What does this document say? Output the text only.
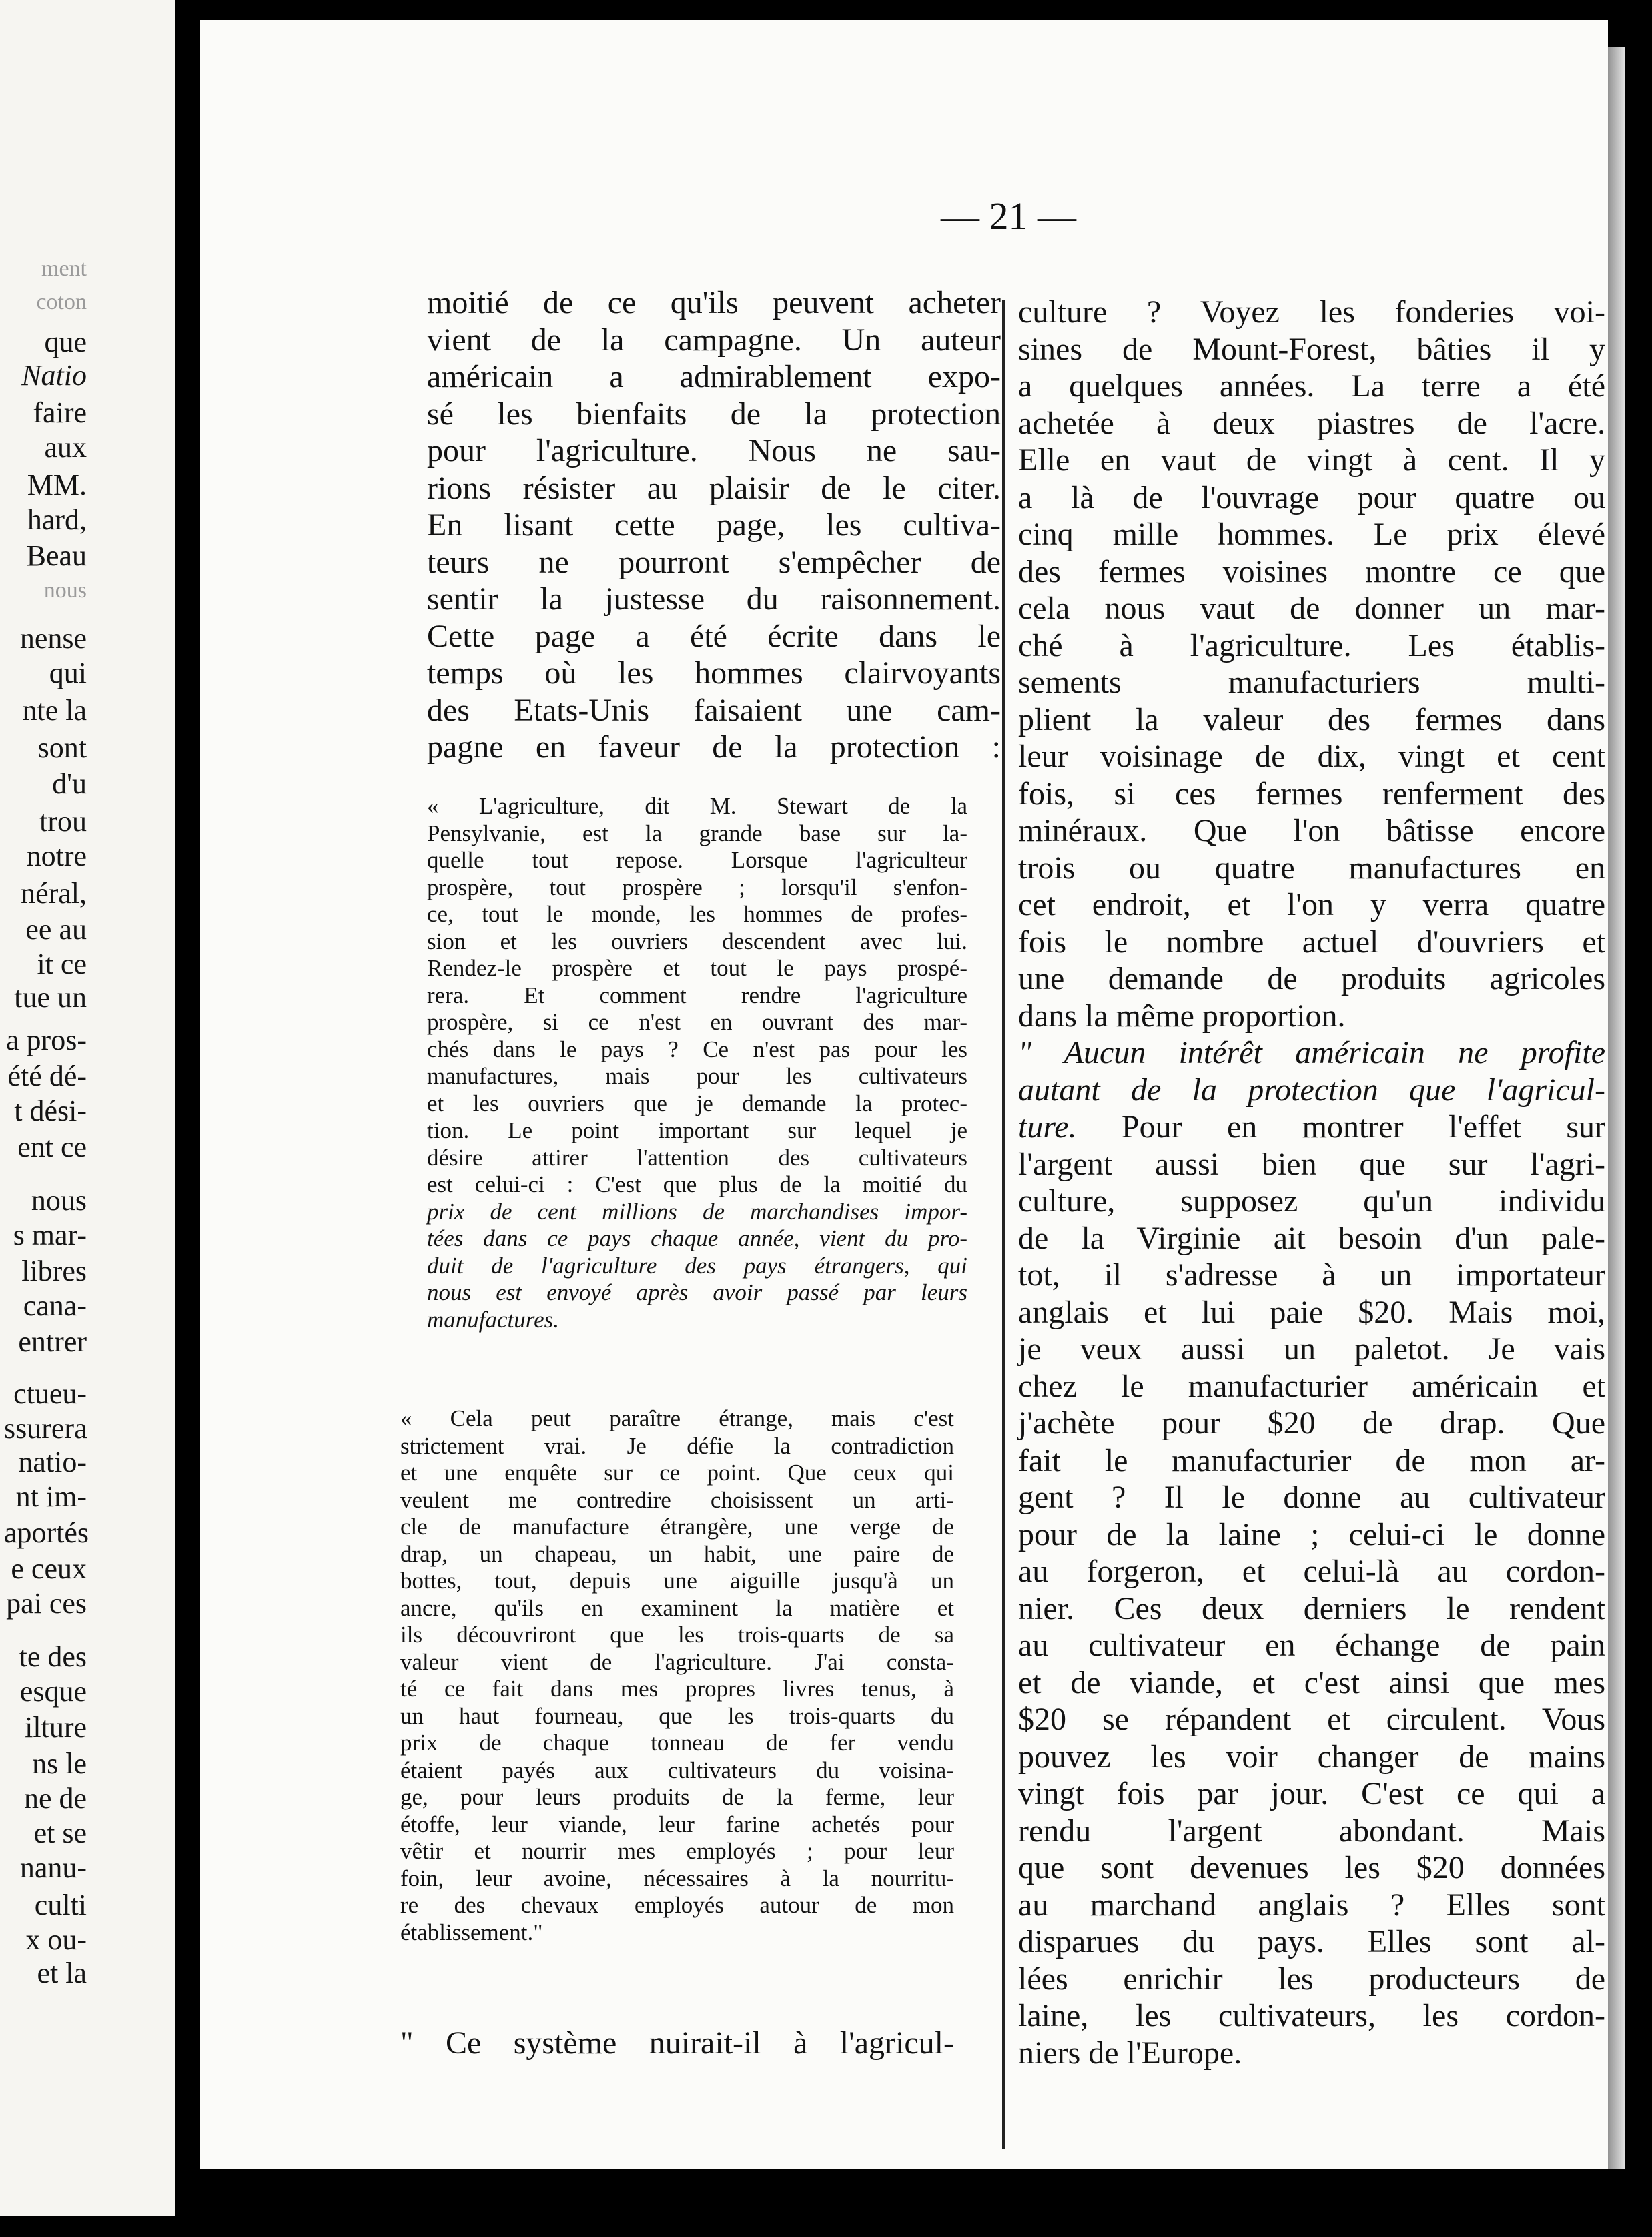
ment
coton
que
Natio
faire
aux
MM.
hard,
Beau
nous
nense
qui
nte la
sont
d'u
trou
notre
néral,
ee au
it ce
tue un
a pros-
été dé-
t dési-
ent ce
nous
s mar-
libres
cana-
entrer
ctueu-
ssurera
natio-
nt im-
aportés
e ceux
pai ces
te des
esque
ilture
ns le
ne de
et se
nanu-
culti
x ou-
et la
— 21 —
moitié de ce qu'ils peuvent acheter
vient de la campagne. Un auteur
américain a admirablement expo-
sé les bienfaits de la protection
pour l'agriculture. Nous ne sau-
rions résister au plaisir de le citer.
En lisant cette page, les cultiva-
teurs ne pourront s'empêcher de
sentir la justesse du raisonnement.
Cette page a été écrite dans le
temps où les hommes clairvoyants
des Etats-Unis faisaient une cam-
pagne en faveur de la protection :
« L'agriculture, dit M. Stewart de la
Pensylvanie, est la grande base sur la-
quelle tout repose. Lorsque l'agriculteur
prospère, tout prospère ; lorsqu'il s'enfon-
ce, tout le monde, les hommes de profes-
sion et les ouvriers descendent avec lui.
Rendez-le prospère et tout le pays prospé-
rera. Et comment rendre l'agriculture
prospère, si ce n'est en ouvrant des mar-
chés dans le pays ? Ce n'est pas pour les
manufactures, mais pour les cultivateurs
et les ouvriers que je demande la protec-
tion. Le point important sur lequel je
désire attirer l'attention des cultivateurs
est celui-ci : C'est que plus de la moitié du
prix de cent millions de marchandises impor-
tées dans ce pays chaque année, vient du pro-
duit de l'agriculture des pays étrangers, qui
nous est envoyé après avoir passé par leurs
manufactures.
« Cela peut paraître étrange, mais c'est
strictement vrai. Je défie la contradiction
et une enquête sur ce point. Que ceux qui
veulent me contredire choisissent un arti-
cle de manufacture étrangère, une verge de
drap, un chapeau, un habit, une paire de
bottes, tout, depuis une aiguille jusqu'à un
ancre, qu'ils en examinent la matière et
ils découvriront que les trois-quarts de sa
valeur vient de l'agriculture. J'ai consta-
té ce fait dans mes propres livres tenus, à
un haut fourneau, que les trois-quarts du
prix de chaque tonneau de fer vendu
étaient payés aux cultivateurs du voisina-
ge, pour leurs produits de la ferme, leur
étoffe, leur viande, leur farine achetés pour
vêtir et nourrir mes employés ; pour leur
foin, leur avoine, nécessaires à la nourritu-
re des chevaux employés autour de mon
établissement."
" Ce système nuirait-il à l'agricul-
culture ? Voyez les fonderies voi-
sines de Mount-Forest, bâties il y
a quelques années. La terre a été
achetée à deux piastres de l'acre.
Elle en vaut de vingt à cent. Il y
a là de l'ouvrage pour quatre ou
cinq mille hommes. Le prix élevé
des fermes voisines montre ce que
cela nous vaut de donner un mar-
ché à l'agriculture. Les établis-
sements manufacturiers multi-
plient la valeur des fermes dans
leur voisinage de dix, vingt et cent
fois, si ces fermes renferment des
minéraux. Que l'on bâtisse encore
trois ou quatre manufactures en
cet endroit, et l'on y verra quatre
fois le nombre actuel d'ouvriers et
une demande de produits agricoles
dans la même proportion.
" Aucun intérêt américain ne profite
autant de la protection que l'agricul-
ture. Pour en montrer l'effet sur
l'argent aussi bien que sur l'agri-
culture, supposez qu'un individu
de la Virginie ait besoin d'un pale-
tot, il s'adresse à un importateur
anglais et lui paie $20. Mais moi,
je veux aussi un paletot. Je vais
chez le manufacturier américain et
j'achète pour $20 de drap. Que
fait le manufacturier de mon ar-
gent ? Il le donne au cultivateur
pour de la laine ; celui-ci le donne
au forgeron, et celui-là au cordon-
nier. Ces deux derniers le rendent
au cultivateur en échange de pain
et de viande, et c'est ainsi que mes
$20 se répandent et circulent. Vous
pouvez les voir changer de mains
vingt fois par jour. C'est ce qui a
rendu l'argent abondant. Mais
que sont devenues les $20 données
au marchand anglais ? Elles sont
disparues du pays. Elles sont al-
lées enrichir les producteurs de
laine, les cultivateurs, les cordon-
niers de l'Europe.
